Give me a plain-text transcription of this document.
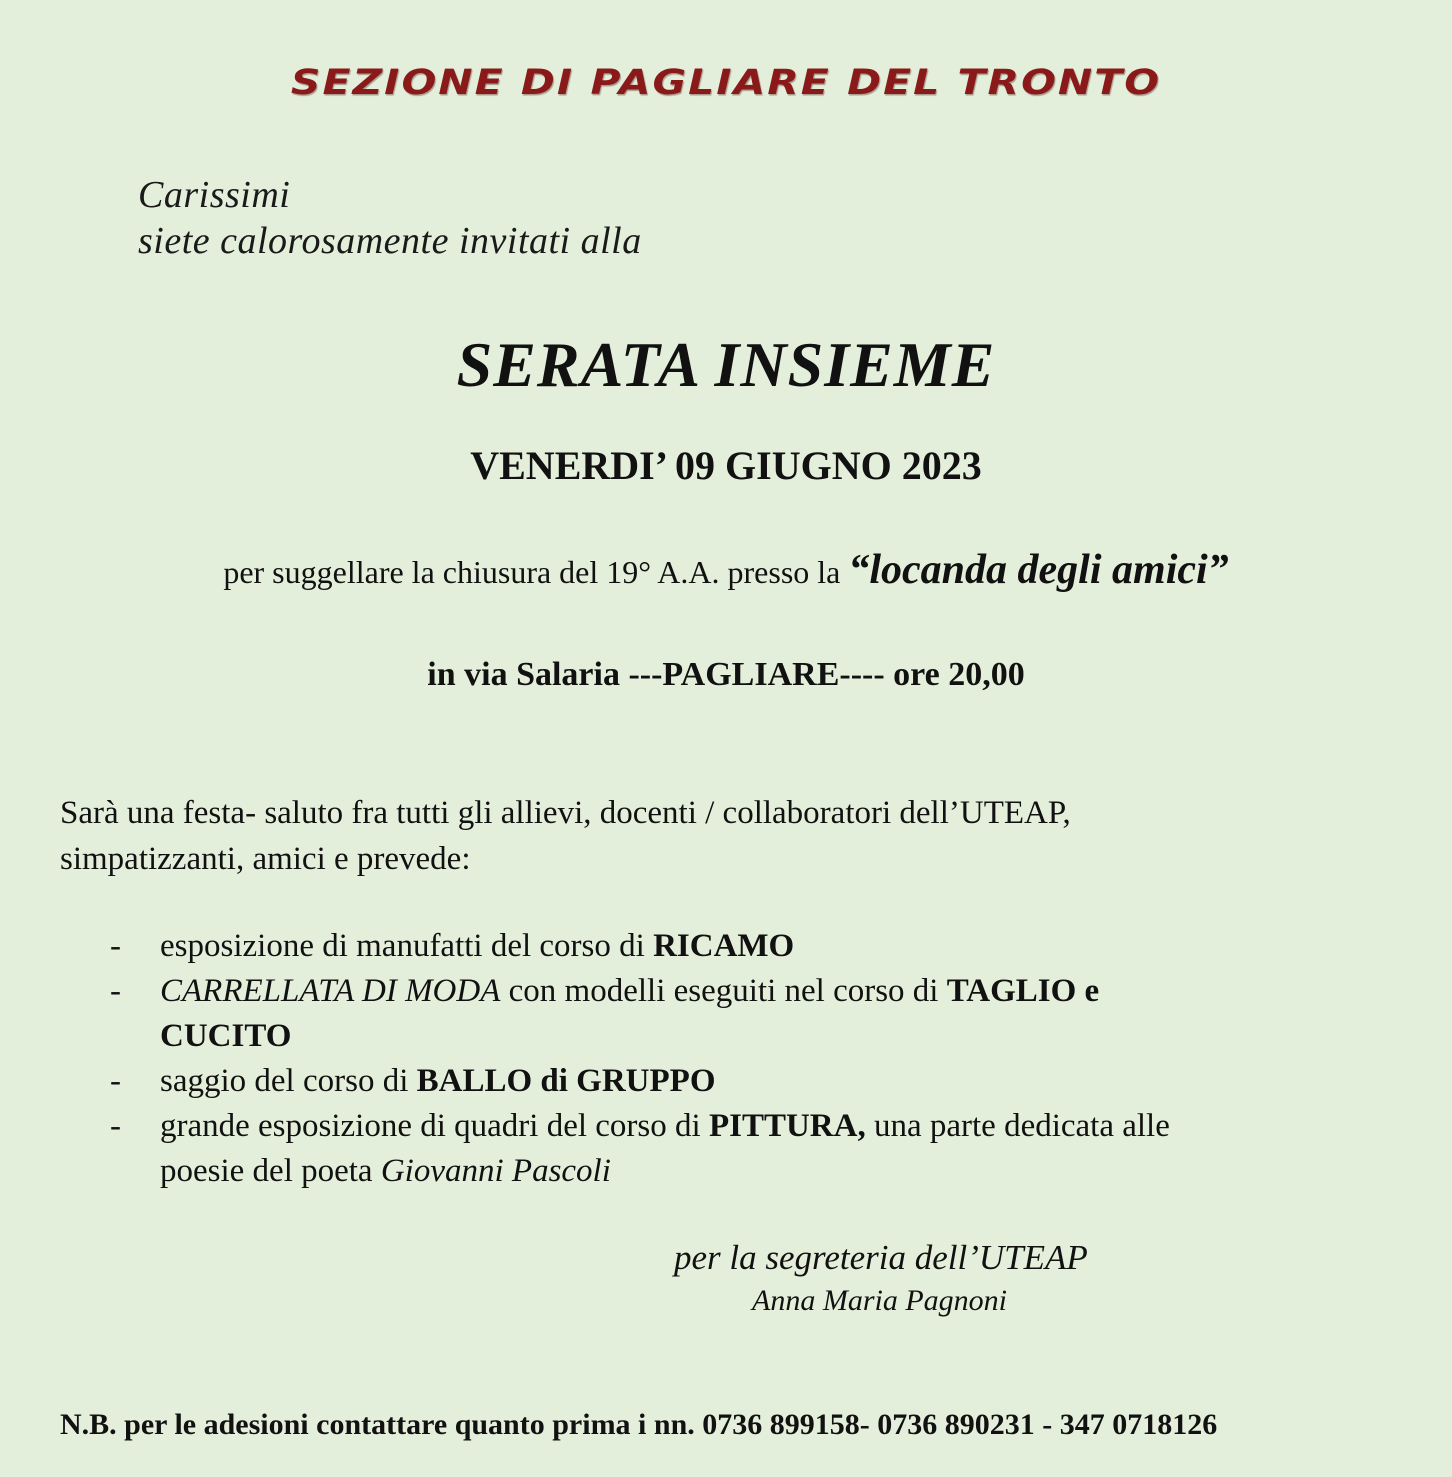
SEZIONE DI PAGLIARE DEL TRONTO
Carissimi
siete calorosamente invitati alla
SERATA INSIEME
VENERDI’ 09 GIUGNO 2023
per suggellare la chiusura del 19° A.A. presso la “locanda degli amici”
in via Salaria ---PAGLIARE---- ore 20,00
Sarà una festa- saluto fra tutti gli allievi, docenti / collaboratori dell’UTEAP,
simpatizzanti, amici e prevede:
- esposizione di manufatti del corso di RICAMO
- CARRELLATA DI MODA con modelli eseguiti nel corso di TAGLIO e
CUCITO
- saggio del corso di BALLO di GRUPPO
- grande esposizione di quadri del corso di PITTURA, una parte dedicata alle
poesie del poeta Giovanni Pascoli
per la segreteria dell’UTEAP
Anna Maria Pagnoni
N.B. per le adesioni contattare quanto prima i nn. 0736 899158- 0736 890231 - 347 0718126
